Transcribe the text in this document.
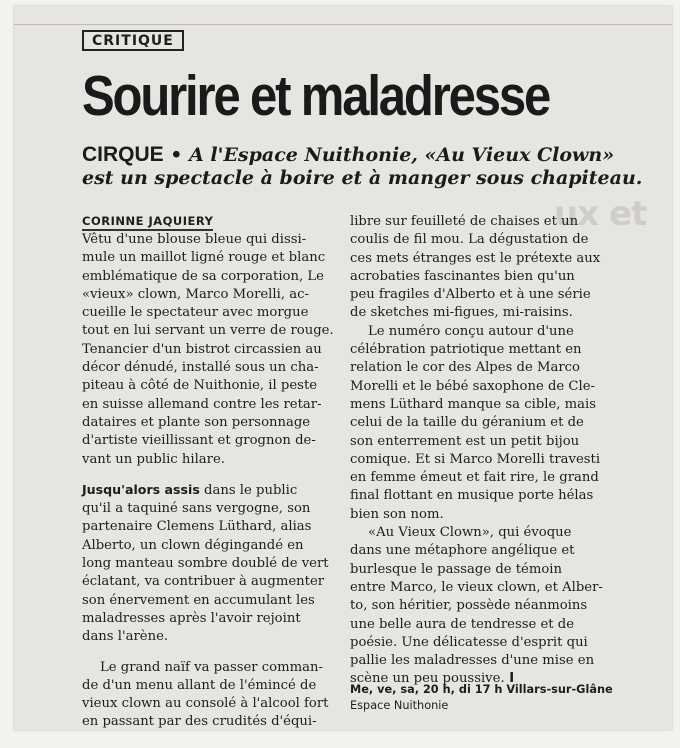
ux et
CRITIQUE
Sourire et maladresse
CIRQUE • A l'Espace Nuithonie, «Au Vieux Clown»
est un spectacle à boire et à manger sous chapiteau.
CORINNE JAQUIERY

Vêtu d'une blouse bleue qui dissi-
mule un maillot ligné rouge et blanc
emblématique de sa corporation, Le
«vieux» clown, Marco Morelli, ac-
cueille le spectateur avec morgue
tout en lui servant un verre de rouge.
Tenancier d'un bistrot circassien au
décor dénudé, installé sous un cha-
piteau à côté de Nuithonie, il peste
en suisse allemand contre les retar-
dataires et plante son personnage
d'artiste vieillissant et grognon de-
vant un public hilare.

Jusqu'alors assis dans le public
qu'il a taquiné sans vergogne, son
partenaire Clemens Lüthard, alias
Alberto, un clown dégingandé en
long manteau sombre doublé de vert
éclatant, va contribuer à augmenter
son énervement en accumulant les
maladresses après l'avoir rejoint
dans l'arène.

Le grand naïf va passer comman-
de d'un menu allant de l'émincé de
vieux clown au consolé à l'alcool fort
en passant par des crudités d'équi-

libre sur feuilleté de chaises et un
coulis de fil mou. La dégustation de
ces mets étranges est le prétexte aux
acrobaties fascinantes bien qu'un
peu fragiles d'Alberto et à une série
de sketches mi-figues, mi-raisins.

Le numéro conçu autour d'une
célébration patriotique mettant en
relation le cor des Alpes de Marco
Morelli et le bébé saxophone de Cle-
mens Lüthard manque sa cible, mais
celui de la taille du géranium et de
son enterrement est un petit bijou
comique. Et si Marco Morelli travesti
en femme émeut et fait rire, le grand
final flottant en musique porte hélas
bien son nom.

«Au Vieux Clown», qui évoque
dans une métaphore angélique et
burlesque le passage de témoin
entre Marco, le vieux clown, et Alber-
to, son héritier, possède néanmoins
une belle aura de tendresse et de
poésie. Une délicatesse d'esprit qui
pallie les maladresses d'une mise en
scène un peu poussive. I

Me, ve, sa, 20 h, di 17 h Villars-sur-Glâne
Espace Nuithonie
